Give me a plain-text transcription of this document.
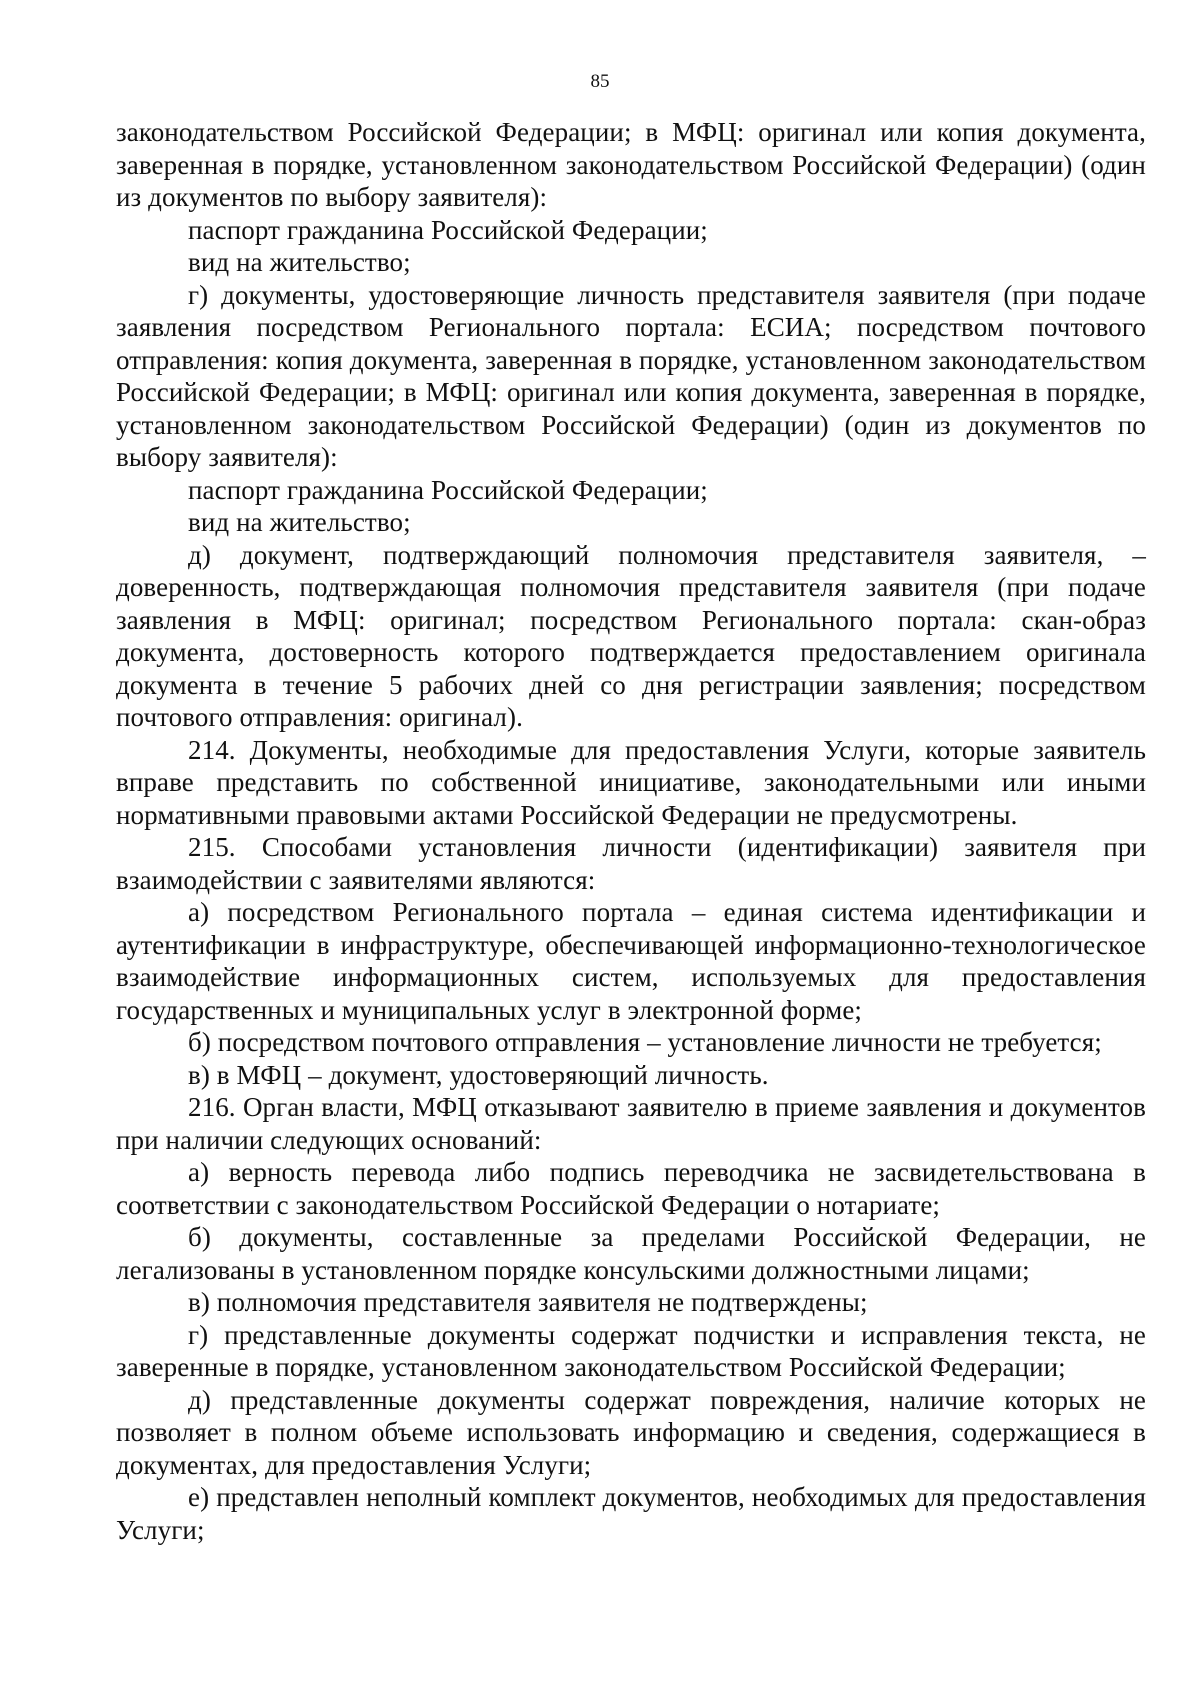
85

законодательством Российской Федерации; в МФЦ: оригинал или копия документа, заверенная в порядке, установленном законодательством Российской Федерации) (один из документов по выбору заявителя):

паспорт гражданина Российской Федерации;

вид на жительство;

г) документы, удостоверяющие личность представителя заявителя (при подаче заявления посредством Регионального портала: ЕСИА; посредством почтового отправления: копия документа, заверенная в порядке, установленном законодательством Российской Федерации; в МФЦ: оригинал или копия документа, заверенная в порядке, установленном законодательством Российской Федерации) (один из документов по выбору заявителя):

паспорт гражданина Российской Федерации;

вид на жительство;

д) документ, подтверждающий полномочия представителя заявителя, – доверенность, подтверждающая полномочия представителя заявителя (при подаче заявления в МФЦ: оригинал; посредством Регионального портала: скан-образ документа, достоверность которого подтверждается предоставлением оригинала документа в течение 5 рабочих дней со дня регистрации заявления; посредством почтового отправления: оригинал).

214. Документы, необходимые для предоставления Услуги, которые заявитель вправе представить по собственной инициативе, законодательными или иными нормативными правовыми актами Российской Федерации не предусмотрены.

215. Способами установления личности (идентификации) заявителя при взаимодействии с заявителями являются:

а) посредством Регионального портала – единая система идентификации и аутентификации в инфраструктуре, обеспечивающей информационно-технологическое взаимодействие информационных систем, используемых для предоставления государственных и муниципальных услуг в электронной форме;

б) посредством почтового отправления – установление личности не требуется;

в) в МФЦ – документ, удостоверяющий личность.

216. Орган власти, МФЦ отказывают заявителю в приеме заявления и документов при наличии следующих оснований:

а) верность перевода либо подпись переводчика не засвидетельствована в соответствии с законодательством Российской Федерации о нотариате;

б) документы, составленные за пределами Российской Федерации, не легализованы в установленном порядке консульскими должностными лицами;

в) полномочия представителя заявителя не подтверждены;

г) представленные документы содержат подчистки и исправления текста, не заверенные в порядке, установленном законодательством Российской Федерации;

д) представленные документы содержат повреждения, наличие которых не позволяет в полном объеме использовать информацию и сведения, содержащиеся в документах, для предоставления Услуги;

е) представлен неполный комплект документов, необходимых для предоставления Услуги;
